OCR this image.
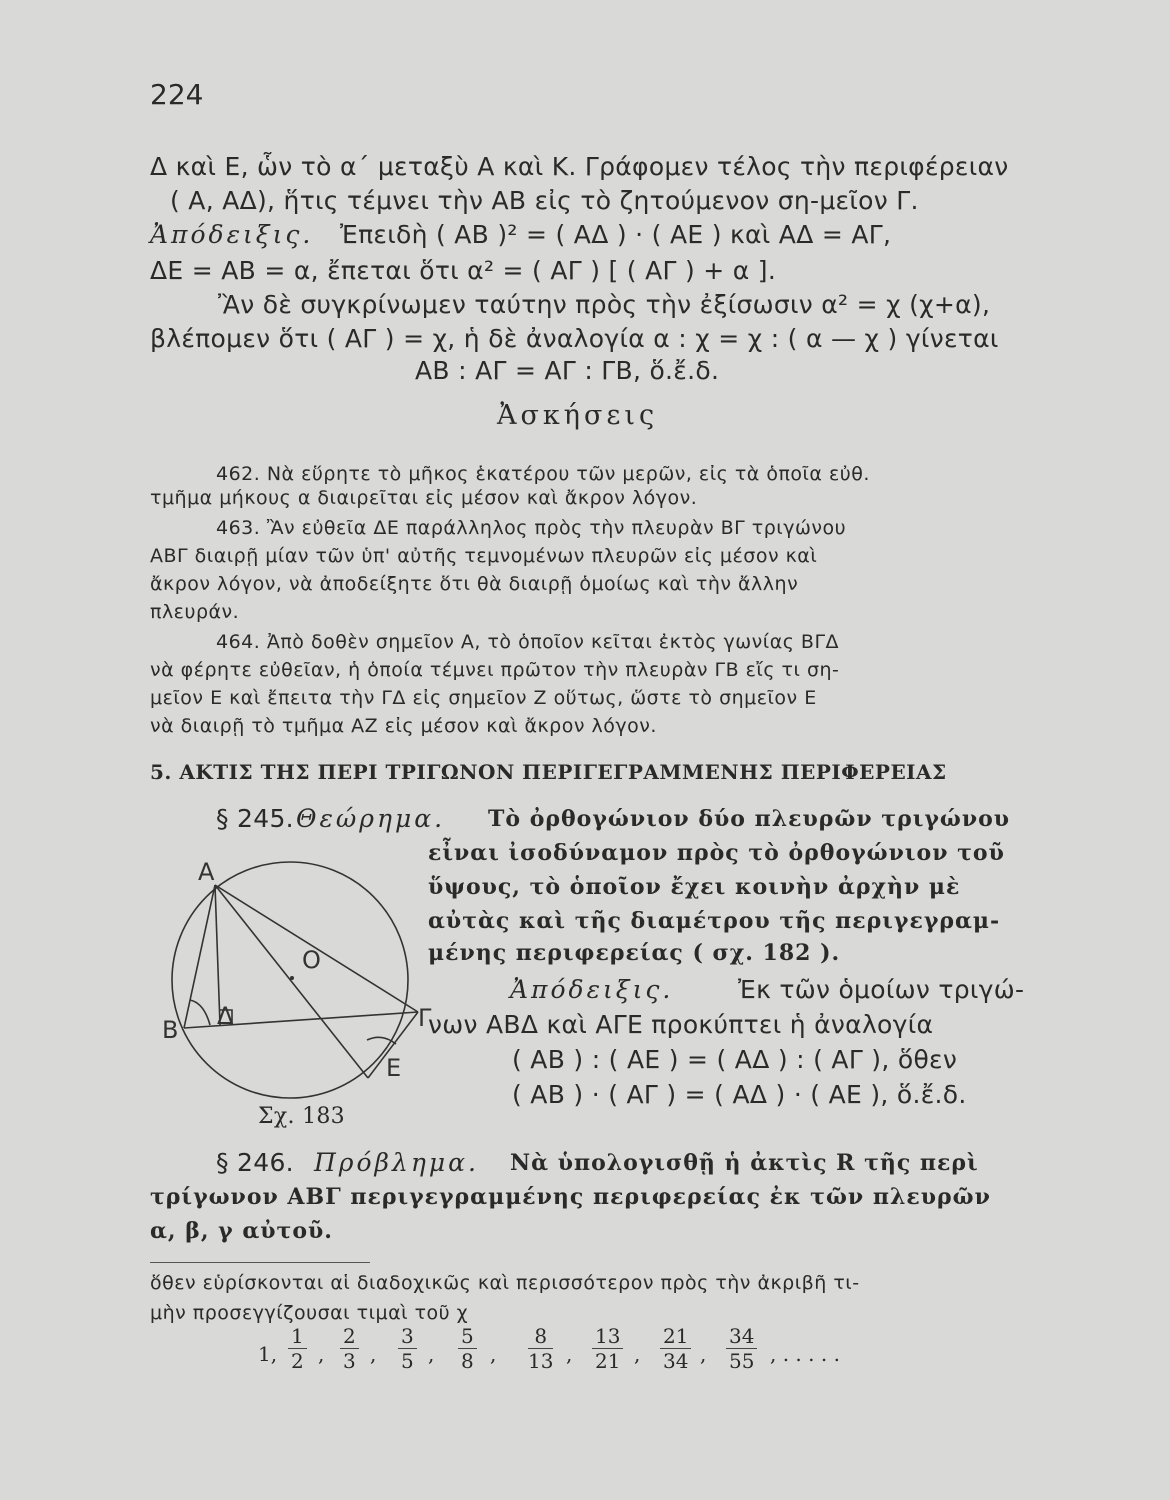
224
Δ καὶ Ε, ὧν τὸ α΄ μεταξὺ Α καὶ Κ. Γράφομεν τέλος τὴν περιφέρειαν
( Α, ΑΔ), ἥτις τέμνει τὴν ΑΒ εἰς τὸ ζητούμενον ση-μεῖον Γ.
Ἀπόδειξις. Ἐπειδὴ ( ΑΒ )² = ( ΑΔ ) · ( ΑΕ ) καὶ ΑΔ = ΑΓ,
ΔΕ = ΑΒ = α, ἔπεται ὅτι α² = ( ΑΓ ) [ ( ΑΓ ) + α ].
Ἂν δὲ συγκρίνωμεν ταύτην πρὸς τὴν ἐξίσωσιν α² = χ (χ+α),
βλέπομεν ὅτι ( ΑΓ ) = χ, ἡ δὲ ἀναλογία α : χ = χ : ( α — χ ) γίνεται
ΑΒ : ΑΓ = ΑΓ : ΓΒ, ὅ.ἔ.δ.
Ἀσκήσεις
462. Νὰ εὕρητε τὸ μῆκος ἑκατέρου τῶν μερῶν, εἰς τὰ ὁποῖα εὐθ.
τμῆμα μήκους α διαιρεῖται εἰς μέσον καὶ ἄκρον λόγον.
463. Ἂν εὐθεῖα ΔΕ παράλληλος πρὸς τὴν πλευρὰν ΒΓ τριγώνου
ΑΒΓ διαιρῇ μίαν τῶν ὑπ' αὐτῆς τεμνομένων πλευρῶν εἰς μέσον καὶ
ἄκρον λόγον, νὰ ἀποδείξητε ὅτι θὰ διαιρῇ ὁμοίως καὶ τὴν ἄλλην
πλευράν.
464. Ἀπὸ δοθὲν σημεῖον Α, τὸ ὁποῖον κεῖται ἐκτὸς γωνίας ΒΓΔ
νὰ φέρητε εὐθεῖαν, ἡ ὁποία τέμνει πρῶτον τὴν πλευρὰν ΓΒ εἴς τι ση-
μεῖον Ε καὶ ἔπειτα τὴν ΓΔ εἰς σημεῖον Ζ οὕτως, ὥστε τὸ σημεῖον Ε
νὰ διαιρῇ τὸ τμῆμα ΑΖ εἰς μέσον καὶ ἄκρον λόγον.
5. ΑΚΤΙΣ ΤΗΣ ΠΕΡΙ ΤΡΙΓΩΝΟΝ ΠΕΡΙΓΕΓΡΑΜΜΕΝΗΣ ΠΕΡΙΦΕΡΕΙΑΣ
§ 245. Θεώρημα. Τὸ ὀρθογώνιον δύο πλευρῶν τριγώνου
εἶναι ἰσοδύναμον πρὸς τὸ ὀρθογώνιον τοῦ
ὕψους, τὸ ὁποῖον ἔχει κοινὴν ἀρχὴν μὲ
αὐτὰς καὶ τῆς διαμέτρου τῆς περιγεγραμ-
μένης περιφερείας ( σχ. 182 ).
Ἀπόδειξις.	Ἐκ τῶν ὁμοίων τριγώ-
νων ΑΒΔ καὶ ΑΓΕ προκύπτει ἡ ἀναλογία
( ΑΒ ) : ( ΑΕ ) = ( ΑΔ ) : ( ΑΓ ), ὅθεν
( ΑΒ ) · ( ΑΓ ) = ( ΑΔ ) · ( ΑΕ ), ὅ.ἔ.δ.
Α
Β Δ	Γ
Ε
Ο
Σχ. 183
§ 246. Πρόβλημα. Νὰ ὑπολογισθῇ ἡ ἀκτὶς R τῆς περὶ
τρίγωνον ΑΒΓ περιγεγραμμένης περιφερείας ἐκ τῶν πλευρῶν
α, β, γ αὐτοῦ.
ὅθεν εὑρίσκονται αἱ διαδοχικῶς καὶ περισσότερον πρὸς τὴν ἀκριβῆ τι-
μὴν προσεγγίζουσαι τιμαὶ τοῦ χ
1, $\frac{1}{2}$ , $\frac{2}{3}$ , $\frac{3}{5}$ , $\frac{5}{8}$ , $\frac{8}{13}$ , $\frac{13}{21}$ , $\frac{21}{34}$ , $\frac{34}{55}$ , . . . . .
